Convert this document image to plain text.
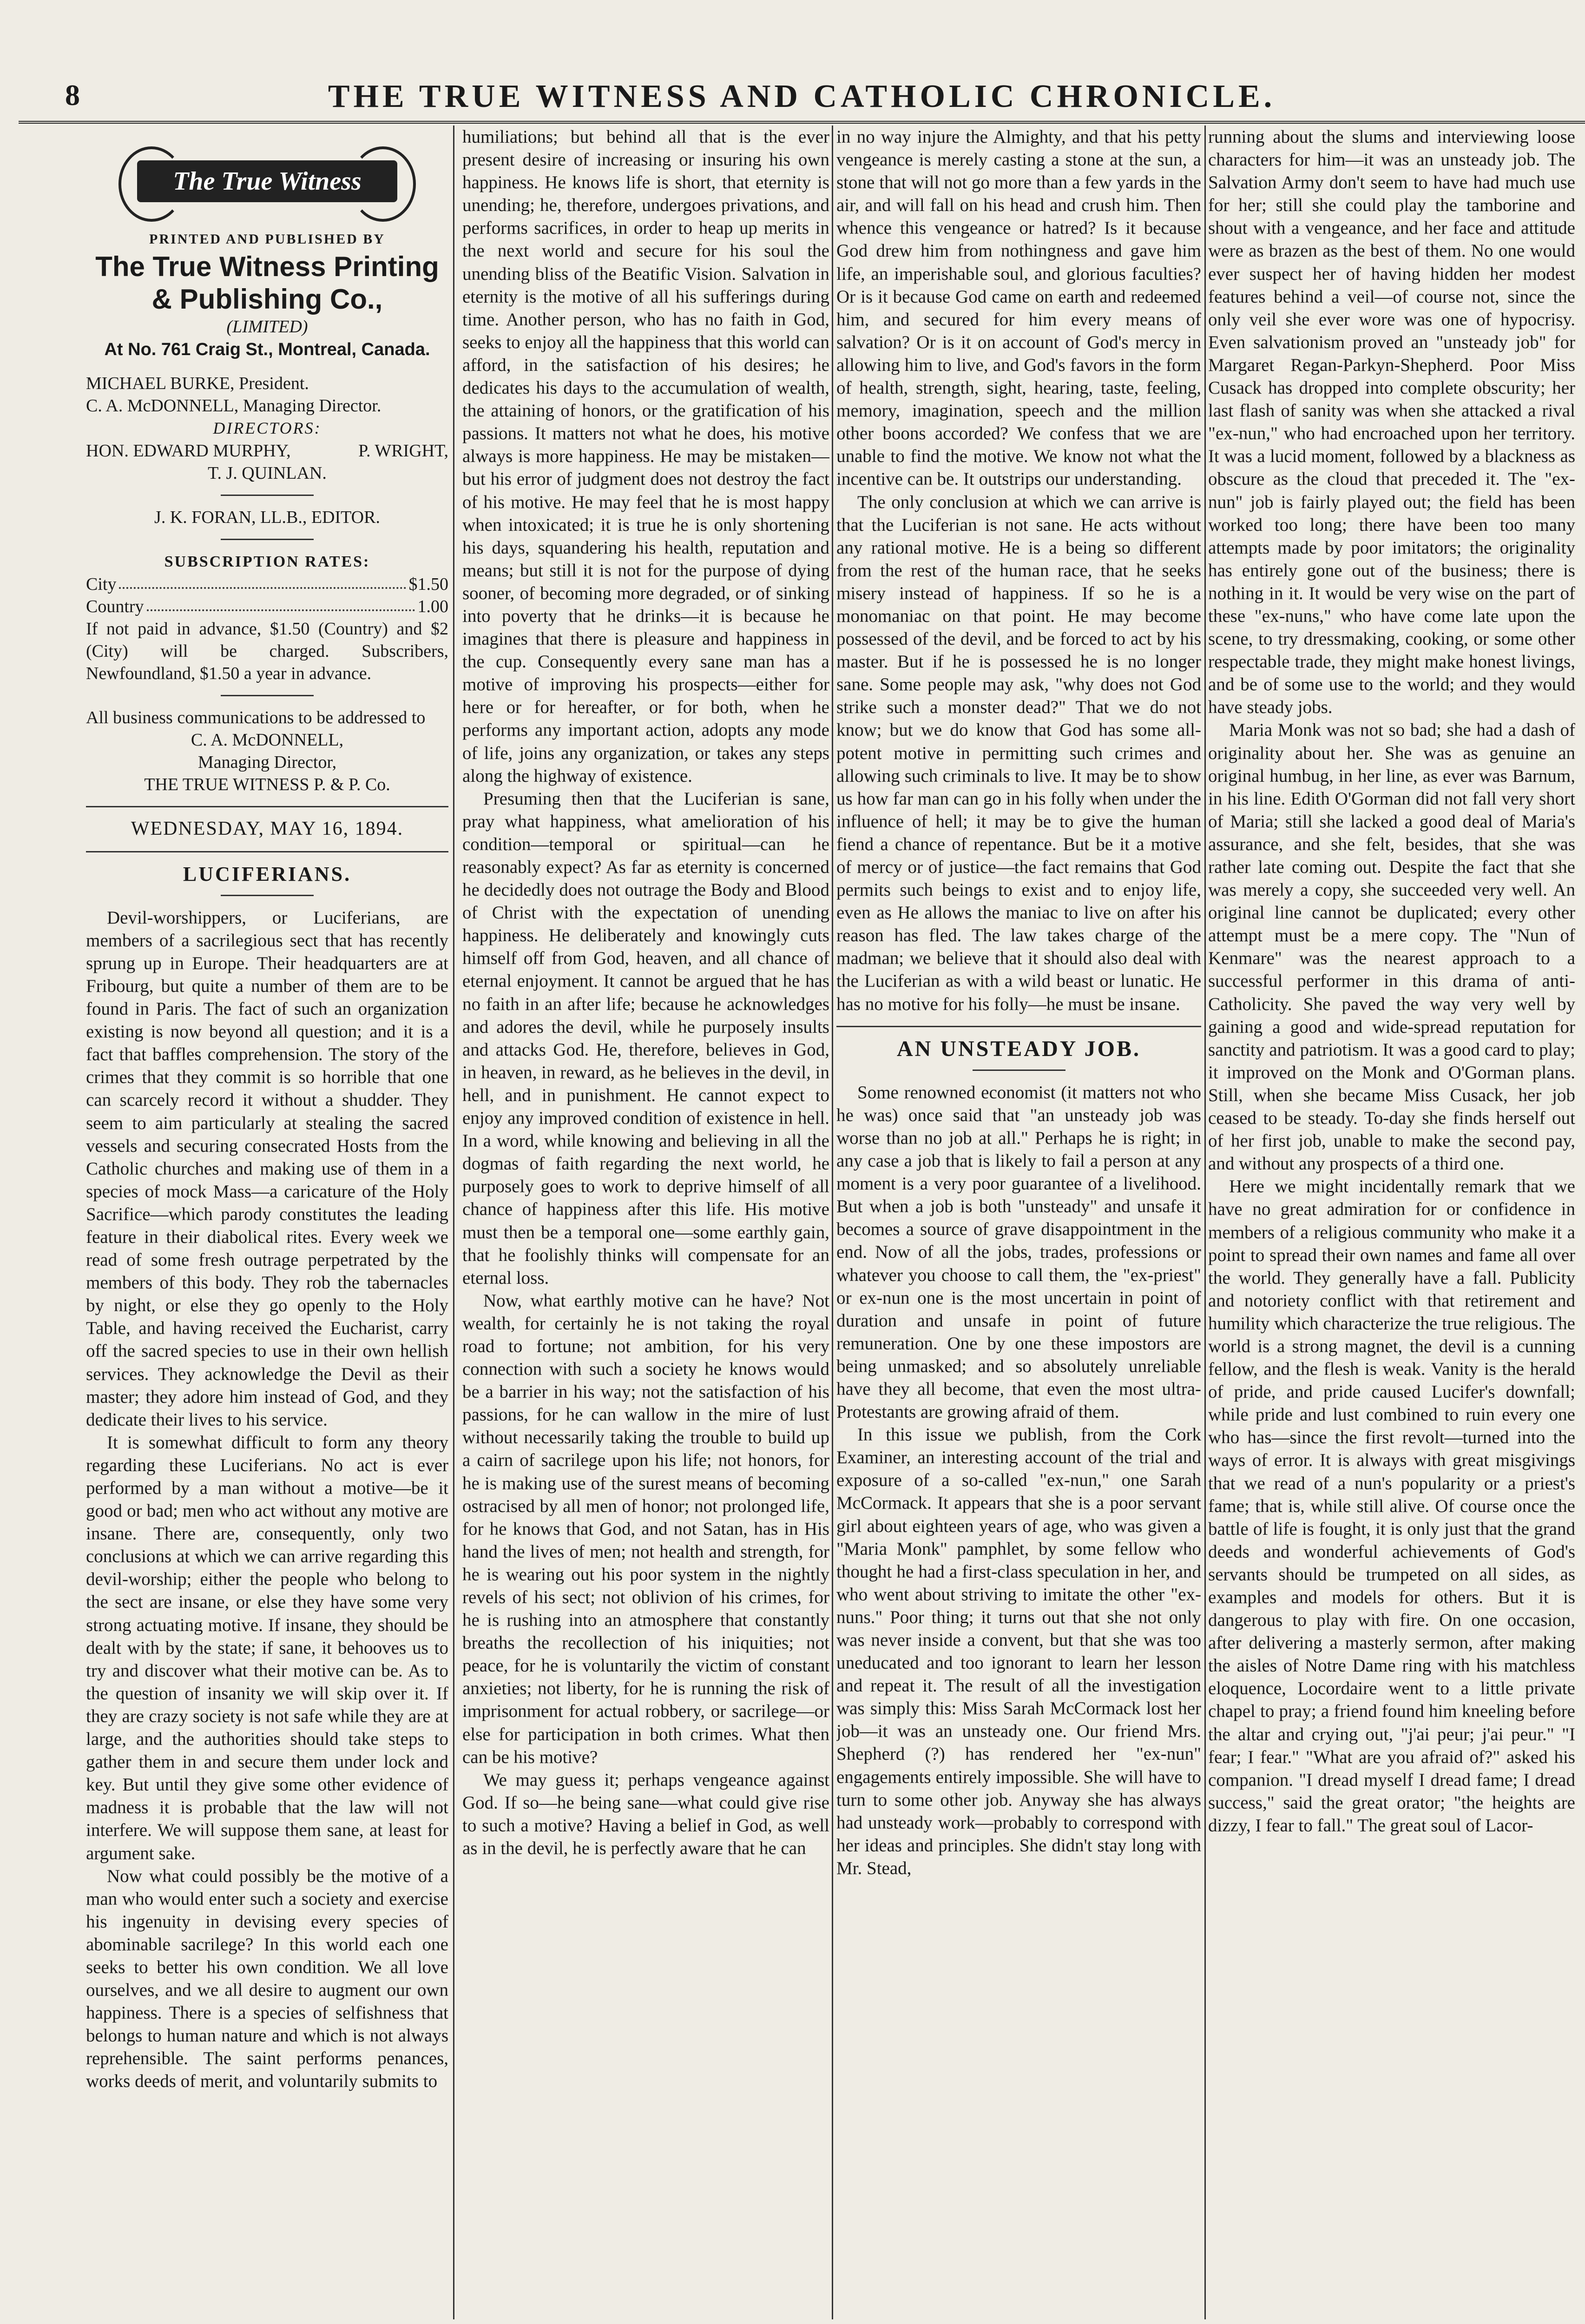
8	THE TRUE WITNESS AND CATHOLIC CHRONICLE.
The True Witness
PRINTED AND PUBLISHED BY
The True Witness Printing & Publishing Co.,
(LIMITED)
At No. 761 Craig St., Montreal, Canada.
MICHAEL BURKE, President.
C. A. McDONNELL, Managing Director.
DIRECTORS:
HON. EDWARD MURPHY,	P. WRIGHT,
T. J. QUINLAN.
J. K. FORAN, LL.B., EDITOR.
SUBSCRIPTION RATES:
City	$1.50
Country	1.00
If not paid in advance, $1.50 (Country) and $2 (City) will be charged. Subscribers, Newfoundland, $1.50 a year in advance.
All business communications to be addressed to
C. A. McDONNELL,
Managing Director,
THE TRUE WITNESS P. & P. Co.
WEDNESDAY, MAY 16, 1894.
LUCIFERIANS.

Devil-worshippers, or Luciferians, are members of a sacrilegious sect that has recently sprung up in Europe. Their headquarters are at Fribourg, but quite a number of them are to be found in Paris. The fact of such an organization existing is now beyond all question; and it is a fact that baffles comprehension. The story of the crimes that they commit is so horrible that one can scarcely record it without a shudder. They seem to aim particularly at stealing the sacred vessels and securing consecrated Hosts from the Catholic churches and making use of them in a species of mock Mass—a caricature of the Holy Sacrifice—which parody constitutes the leading feature in their diabolical rites. Every week we read of some fresh outrage perpetrated by the members of this body. They rob the tabernacles by night, or else they go openly to the Holy Table, and having received the Eucharist, carry off the sacred species to use in their own hellish services. They acknowledge the Devil as their master; they adore him instead of God, and they dedicate their lives to his service.

It is somewhat difficult to form any theory regarding these Luciferians. No act is ever performed by a man without a motive—be it good or bad; men who act without any motive are insane. There are, consequently, only two conclusions at which we can arrive regarding this devil-worship; either the people who belong to the sect are insane, or else they have some very strong actuating motive. If insane, they should be dealt with by the state; if sane, it behooves us to try and discover what their motive can be. As to the question of insanity we will skip over it. If they are crazy society is not safe while they are at large, and the authorities should take steps to gather them in and secure them under lock and key. But until they give some other evidence of madness it is probable that the law will not interfere. We will suppose them sane, at least for argument sake.

Now what could possibly be the motive of a man who would enter such a society and exercise his ingenuity in devising every species of abominable sacrilege? In this world each one seeks to better his own condition. We all love ourselves, and we all desire to augment our own happiness. There is a species of selfishness that belongs to human nature and which is not always reprehensible. The saint performs penances, works deeds of merit, and voluntarily submits to

humiliations; but behind all that is the ever present desire of increasing or insuring his own happiness. He knows life is short, that eternity is unending; he, therefore, undergoes privations, and performs sacrifices, in order to heap up merits in the next world and secure for his soul the unending bliss of the Beatific Vision. Salvation in eternity is the motive of all his sufferings during time. Another person, who has no faith in God, seeks to enjoy all the happiness that this world can afford, in the satisfaction of his desires; he dedicates his days to the accumulation of wealth, the attaining of honors, or the gratification of his passions. It matters not what he does, his motive always is more happiness. He may be mistaken—but his error of judgment does not destroy the fact of his motive. He may feel that he is most happy when intoxicated; it is true he is only shortening his days, squandering his health, reputation and means; but still it is not for the purpose of dying sooner, of becoming more degraded, or of sinking into poverty that he drinks—it is because he imagines that there is pleasure and happiness in the cup. Consequently every sane man has a motive of improving his prospects—either for here or for hereafter, or for both, when he performs any important action, adopts any mode of life, joins any organization, or takes any steps along the highway of existence.

Presuming then that the Luciferian is sane, pray what happiness, what amelioration of his condition—temporal or spiritual—can he reasonably expect? As far as eternity is concerned he decidedly does not outrage the Body and Blood of Christ with the expectation of unending happiness. He deliberately and knowingly cuts himself off from God, heaven, and all chance of eternal enjoyment. It cannot be argued that he has no faith in an after life; because he acknowledges and adores the devil, while he purposely insults and attacks God. He, therefore, believes in God, in heaven, in reward, as he believes in the devil, in hell, and in punishment. He cannot expect to enjoy any improved condition of existence in hell. In a word, while knowing and believing in all the dogmas of faith regarding the next world, he purposely goes to work to deprive himself of all chance of happiness after this life. His motive must then be a temporal one—some earthly gain, that he foolishly thinks will compensate for an eternal loss.

Now, what earthly motive can he have? Not wealth, for certainly he is not taking the royal road to fortune; not ambition, for his very connection with such a society he knows would be a barrier in his way; not the satisfaction of his passions, for he can wallow in the mire of lust without necessarily taking the trouble to build up a cairn of sacrilege upon his life; not honors, for he is making use of the surest means of becoming ostracised by all men of honor; not prolonged life, for he knows that God, and not Satan, has in His hand the lives of men; not health and strength, for he is wearing out his poor system in the nightly revels of his sect; not oblivion of his crimes, for he is rushing into an atmosphere that constantly breaths the recollection of his iniquities; not peace, for he is voluntarily the victim of constant anxieties; not liberty, for he is running the risk of imprisonment for actual robbery, or sacrilege—or else for participation in both crimes. What then can be his motive?

We may guess it; perhaps vengeance against God. If so—he being sane—what could give rise to such a motive? Having a belief in God, as well as in the devil, he is perfectly aware that he can

in no way injure the Almighty, and that his petty vengeance is merely casting a stone at the sun, a stone that will not go more than a few yards in the air, and will fall on his head and crush him. Then whence this vengeance or hatred? Is it because God drew him from nothingness and gave him life, an imperishable soul, and glorious faculties? Or is it because God came on earth and redeemed him, and secured for him every means of salvation? Or is it on account of God's mercy in allowing him to live, and God's favors in the form of health, strength, sight, hearing, taste, feeling, memory, imagination, speech and the million other boons accorded? We confess that we are unable to find the motive. We know not what the incentive can be. It outstrips our understanding.

The only conclusion at which we can arrive is that the Luciferian is not sane. He acts without any rational motive. He is a being so different from the rest of the human race, that he seeks misery instead of happiness. If so he is a monomaniac on that point. He may become possessed of the devil, and be forced to act by his master. But if he is possessed he is no longer sane. Some people may ask, "why does not God strike such a monster dead?" That we do not know; but we do know that God has some all-potent motive in permitting such crimes and allowing such criminals to live. It may be to show us how far man can go in his folly when under the influence of hell; it may be to give the human fiend a chance of repentance. But be it a motive of mercy or of justice—the fact remains that God permits such beings to exist and to enjoy life, even as He allows the maniac to live on after his reason has fled. The law takes charge of the madman; we believe that it should also deal with the Luciferian as with a wild beast or lunatic. He has no motive for his folly—he must be insane.

AN UNSTEADY JOB.

Some renowned economist (it matters not who he was) once said that "an unsteady job was worse than no job at all." Perhaps he is right; in any case a job that is likely to fail a person at any moment is a very poor guarantee of a livelihood. But when a job is both "unsteady" and unsafe it becomes a source of grave disappointment in the end. Now of all the jobs, trades, professions or whatever you choose to call them, the "ex-priest" or ex-nun one is the most uncertain in point of duration and unsafe in point of future remuneration. One by one these impostors are being unmasked; and so absolutely unreliable have they all become, that even the most ultra-Protestants are growing afraid of them.

In this issue we publish, from the Cork Examiner, an interesting account of the trial and exposure of a so-called "ex-nun," one Sarah McCormack. It appears that she is a poor servant girl about eighteen years of age, who was given a "Maria Monk" pamphlet, by some fellow who thought he had a first-class speculation in her, and who went about striving to imitate the other "ex-nuns." Poor thing; it turns out that she not only was never inside a convent, but that she was too uneducated and too ignorant to learn her lesson and repeat it. The result of all the investigation was simply this: Miss Sarah McCormack lost her job—it was an unsteady one. Our friend Mrs. Shepherd (?) has rendered her "ex-nun" engagements entirely impossible. She will have to turn to some other job. Anyway she has always had unsteady work—probably to correspond with her ideas and principles. She didn't stay long with Mr. Stead,

running about the slums and interviewing loose characters for him—it was an unsteady job. The Salvation Army don't seem to have had much use for her; still she could play the tamborine and shout with a vengeance, and her face and attitude were as brazen as the best of them. No one would ever suspect her of having hidden her modest features behind a veil—of course not, since the only veil she ever wore was one of hypocrisy. Even salvationism proved an "unsteady job" for Margaret Regan-Parkyn-Shepherd. Poor Miss Cusack has dropped into complete obscurity; her last flash of sanity was when she attacked a rival "ex-nun," who had encroached upon her territory. It was a lucid moment, followed by a blackness as obscure as the cloud that preceded it. The "ex-nun" job is fairly played out; the field has been worked too long; there have been too many attempts made by poor imitators; the originality has entirely gone out of the business; there is nothing in it. It would be very wise on the part of these "ex-nuns," who have come late upon the scene, to try dressmaking, cooking, or some other respectable trade, they might make honest livings, and be of some use to the world; and they would have steady jobs.

Maria Monk was not so bad; she had a dash of originality about her. She was as genuine an original humbug, in her line, as ever was Barnum, in his line. Edith O'Gorman did not fall very short of Maria; still she lacked a good deal of Maria's assurance, and she felt, besides, that she was rather late coming out. Despite the fact that she was merely a copy, she succeeded very well. An original line cannot be duplicated; every other attempt must be a mere copy. The "Nun of Kenmare" was the nearest approach to a successful performer in this drama of anti-Catholicity. She paved the way very well by gaining a good and wide-spread reputation for sanctity and patriotism. It was a good card to play; it improved on the Monk and O'Gorman plans. Still, when she became Miss Cusack, her job ceased to be steady. To-day she finds herself out of her first job, unable to make the second pay, and without any prospects of a third one.

Here we might incidentally remark that we have no great admiration for or confidence in members of a religious community who make it a point to spread their own names and fame all over the world. They generally have a fall. Publicity and notoriety conflict with that retirement and humility which characterize the true religious. The world is a strong magnet, the devil is a cunning fellow, and the flesh is weak. Vanity is the herald of pride, and pride caused Lucifer's downfall; while pride and lust combined to ruin every one who has—since the first revolt—turned into the ways of error. It is always with great misgivings that we read of a nun's popularity or a priest's fame; that is, while still alive. Of course once the battle of life is fought, it is only just that the grand deeds and wonderful achievements of God's servants should be trumpeted on all sides, as examples and models for others. But it is dangerous to play with fire. On one occasion, after delivering a masterly sermon, after making the aisles of Notre Dame ring with his matchless eloquence, Locordaire went to a little private chapel to pray; a friend found him kneeling before the altar and crying out, "j'ai peur; j'ai peur." "I fear; I fear." "What are you afraid of?" asked his companion. "I dread myself I dread fame; I dread success," said the great orator; "the heights are dizzy, I fear to fall." The great soul of Lacor-
